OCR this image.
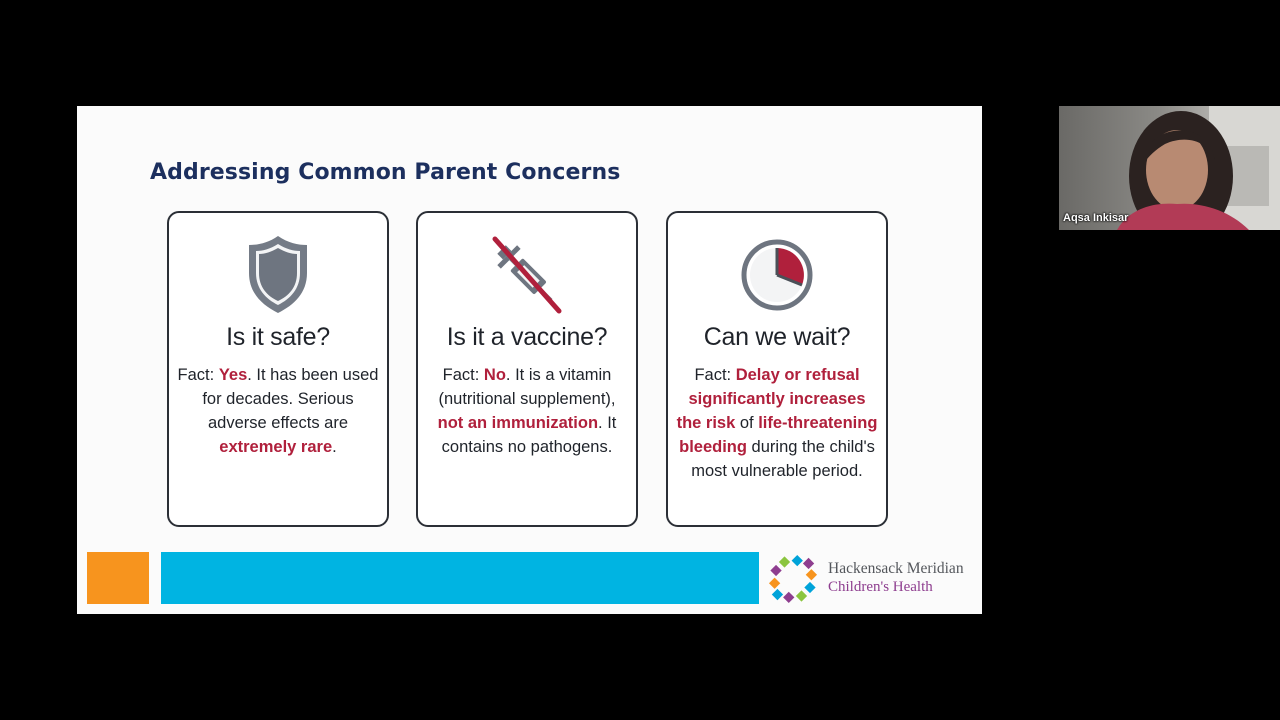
Addressing Common Parent Concerns
Is it safe?

Fact: Yes. It has been used for decades. Serious adverse effects are extremely rare.

Is it a vaccine?

Fact: No. It is a vitamin (nutritional supplement), not an immunization. It contains no pathogens.

Can we wait?

Fact: Delay or refusal significantly increases the risk of life-threatening bleeding during the child's most vulnerable period.

Hackensack Meridian
Children's Health
Aqsa Inkisar
